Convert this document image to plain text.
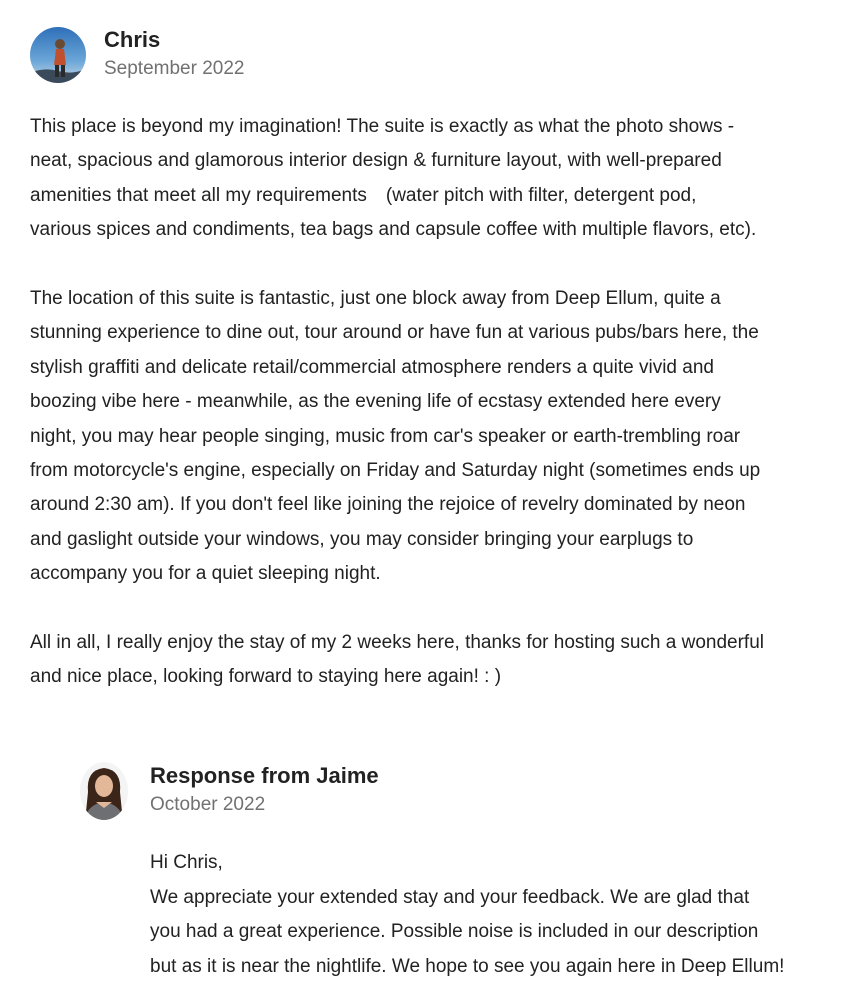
Chris
September 2022

This place is beyond my imagination! The suite is exactly as what the photo shows -
neat, spacious and glamorous interior design & furniture layout, with well-prepared
amenities that meet all my requirements　(water pitch with filter, detergent pod,
various spices and condiments, tea bags and capsule coffee with multiple flavors, etc).

The location of this suite is fantastic, just one block away from Deep Ellum, quite a
stunning experience to dine out, tour around or have fun at various pubs/bars here, the
stylish graffiti and delicate retail/commercial atmosphere renders a quite vivid and
boozing vibe here - meanwhile, as the evening life of ecstasy extended here every
night, you may hear people singing, music from car's speaker or earth-trembling roar
from motorcycle's engine, especially on Friday and Saturday night (sometimes ends up
around 2:30 am). If you don't feel like joining the rejoice of revelry dominated by neon
and gaslight outside your windows, you may consider bringing your earplugs to
accompany you for a quiet sleeping night.

All in all, I really enjoy the stay of my 2 weeks here, thanks for hosting such a wonderful
and nice place, looking forward to staying here again! : )

Response from Jaime
October 2022
Hi Chris,
We appreciate your extended stay and your feedback. We are glad that
you had a great experience. Possible noise is included in our description
but as it is near the nightlife. We hope to see you again here in Deep Ellum!
